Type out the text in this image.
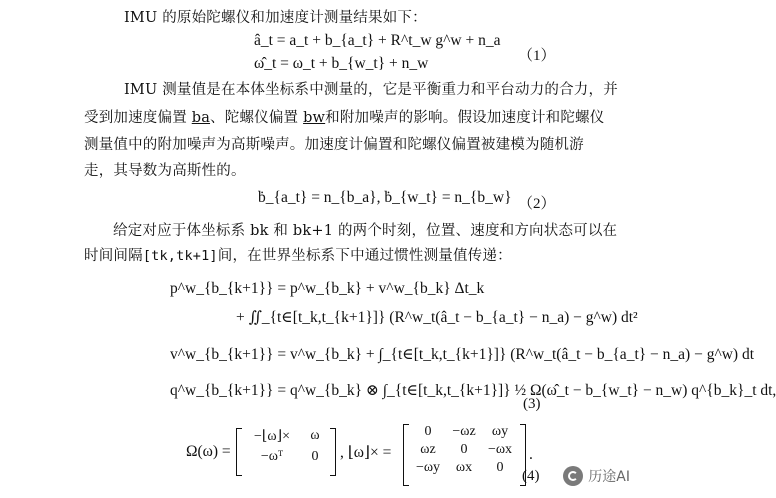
IMU 的原始陀螺仪和加速度计测量结果如下：
â_t = a_t + b_{a_t} + R^t_w g^w + n_a
ω̂_t = ω_t + b_{w_t} + n_w	（1）
IMU 测量值是在本体坐标系中测量的，它是平衡重力和平台动力的合力，并
受到加速度偏置 ba、陀螺仪偏置 bw和附加噪声的影响。假设加速度计和陀螺仪
测量值中的附加噪声为高斯噪声。加速度计偏置和陀螺仪偏置被建模为随机游
走，其导数为高斯性的。
ḃ_{a_t} = n_{b_a}, ḃ_{w_t} = n_{b_w} （2）
给定对应于体坐标系 bk 和 bk+1 的两个时刻，位置、速度和方向状态可以在
时间间隔[tk,tk+1]间，在世界坐标系下中通过惯性测量值传递：
p^w_{b_{k+1}} = p^w_{b_k} + v^w_{b_k} Δt_k
+ ∬_{t∈[t_k,t_{k+1}]} (R^w_t(â_t − b_{a_t} − n_a) − g^w) dt²
v^w_{b_{k+1}} = v^w_{b_k} + ∫_{t∈[t_k,t_{k+1}]} (R^w_t(â_t − b_{a_t} − n_a) − g^w) dt
q^w_{b_{k+1}} = q^w_{b_k} ⊗ ∫_{t∈[t_k,t_{k+1}]} ½ Ω(ω̂_t − b_{w_t} − n_w) q^{b_k}_t dt,
(3)
Ω(ω) =
−⌊ω⌋×	ω
−ωᵀ	0	, ⌊ω⌋× =
0	−ωz	ωy
ωz	0	−ωx
−ωy	ωx	0
.
(4)	历途AI
